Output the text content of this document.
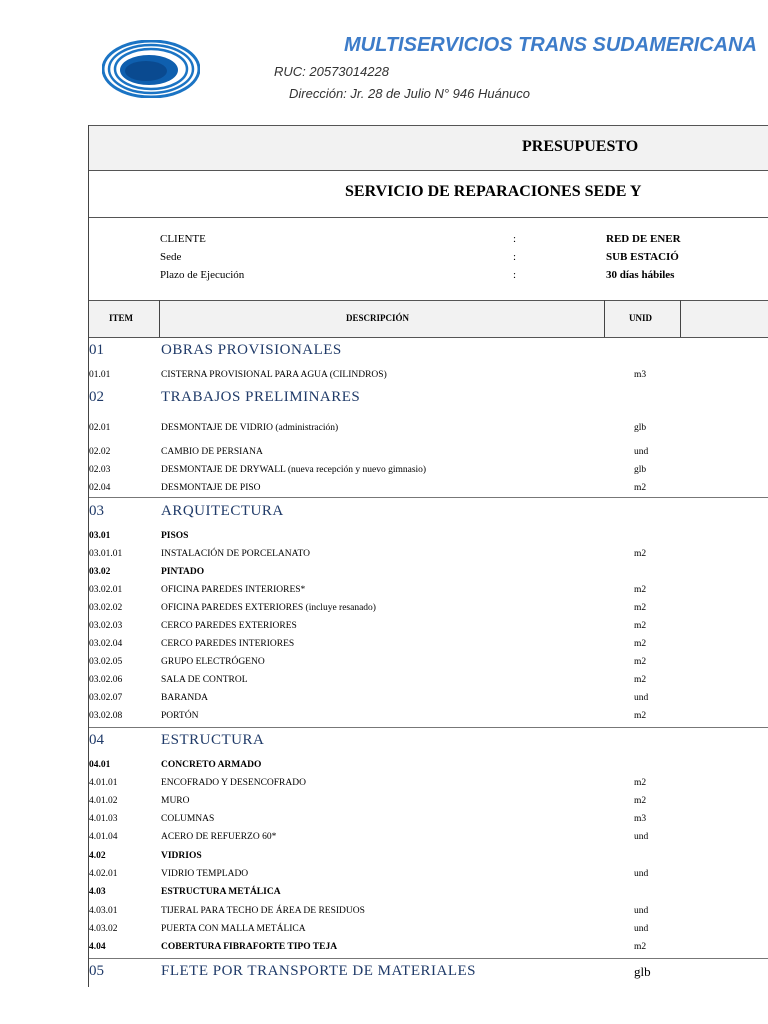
MULTISERVICIOS TRANS SUDAMERICANA
RUC: 20573014228
Dirección: Jr. 28 de Julio N° 946 Huánuco
PRESUPUESTO
SERVICIO DE REPARACIONES SEDE Y
CLIENTE	:	RED DE ENER
Sede	:	SUB ESTACIÓ
Plazo de Ejecución	:	30 días hábiles
ITEM	DESCRIPCIÓN	UNID
01	OBRAS PROVISIONALES
01.01	CISTERNA PROVISIONAL PARA AGUA (CILINDROS)	m3
02	TRABAJOS PRELIMINARES
02.01	DESMONTAJE DE VIDRIO (administración)	glb
02.02	CAMBIO DE PERSIANA	und
02.03	DESMONTAJE DE DRYWALL (nueva recepción y nuevo gimnasio)	glb
02.04	DESMONTAJE DE PISO	m2
03	ARQUITECTURA
03.01	PISOS
03.01.01	INSTALACIÓN DE PORCELANATO	m2
03.02	PINTADO
03.02.01	OFICINA PAREDES INTERIORES*	m2
03.02.02	OFICINA PAREDES EXTERIORES (incluye resanado)	m2
03.02.03	CERCO PAREDES EXTERIORES	m2
03.02.04	CERCO PAREDES INTERIORES	m2
03.02.05	GRUPO ELECTRÓGENO	m2
03.02.06	SALA DE CONTROL	m2
03.02.07	BARANDA	und
03.02.08	PORTÓN	m2
04	ESTRUCTURA
04.01	CONCRETO ARMADO
4.01.01	ENCOFRADO Y DESENCOFRADO	m2
4.01.02	MURO	m2
4.01.03	COLUMNAS	m3
4.01.04	ACERO DE REFUERZO 60*	und
4.02	VIDRIOS
4.02.01	VIDRIO TEMPLADO	und
4.03	ESTRUCTURA METÁLICA
4.03.01	TIJERAL PARA TECHO DE ÁREA DE RESIDUOS	und
4.03.02	PUERTA CON MALLA METÁLICA	und
4.04	COBERTURA FIBRAFORTE TIPO TEJA	m2
05	FLETE POR TRANSPORTE DE MATERIALES	glb
